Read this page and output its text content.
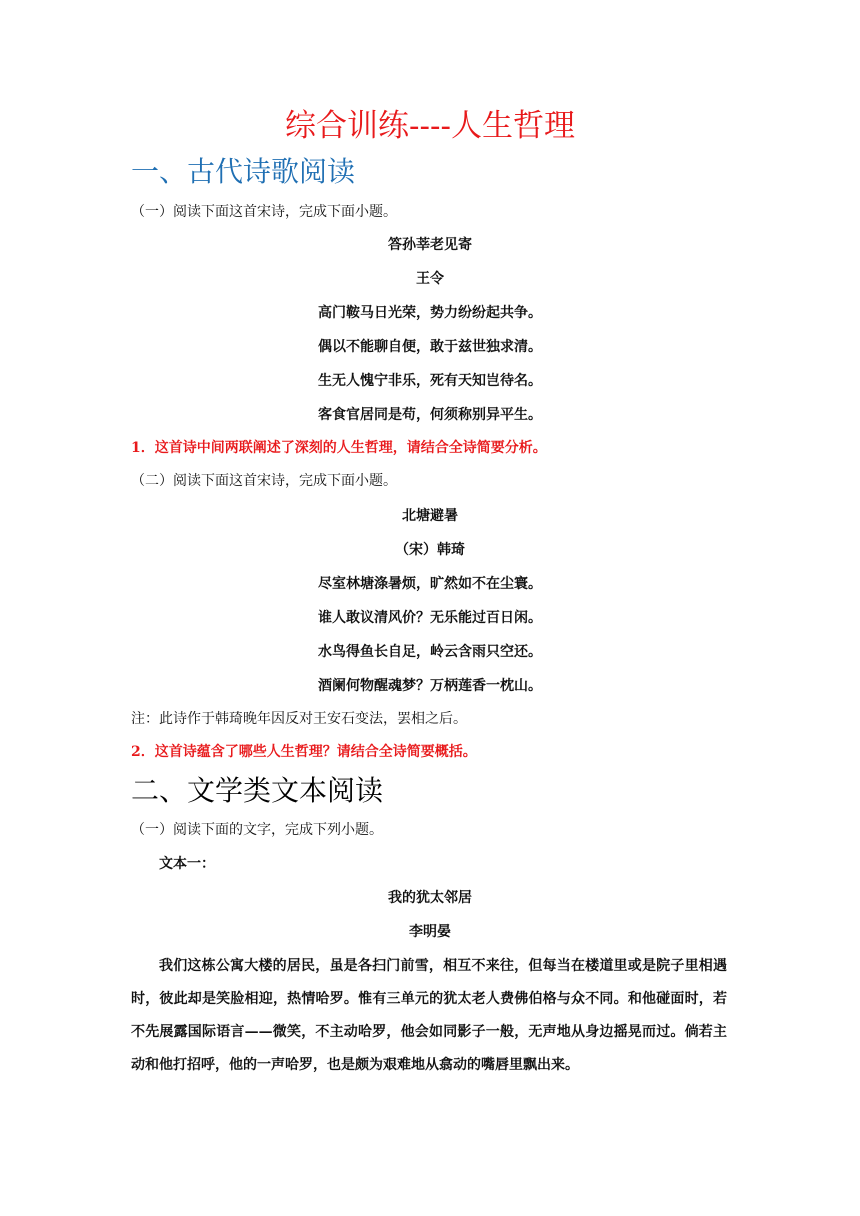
综合训练----人生哲理
一、古代诗歌阅读
（一）阅读下面这首宋诗，完成下面小题。
答孙莘老见寄
王令
高门鞍马日光荣，势力纷纷起共争。
偶以不能聊自便，敢于兹世独求清。
生无人愧宁非乐，死有天知岂待名。
客食官居同是苟，何须称别异平生。
1．这首诗中间两联阐述了深刻的人生哲理，请结合全诗简要分析。
（二）阅读下面这首宋诗，完成下面小题。
北塘避暑
（宋）韩琦
尽室林塘涤暑烦，旷然如不在尘寰。
谁人敢议清风价？无乐能过百日闲。
水鸟得鱼长自足，岭云含雨只空还。
酒阑何物醒魂梦？万柄莲香一枕山。
注：此诗作于韩琦晚年因反对王安石变法，罢相之后。
2．这首诗蕴含了哪些人生哲理？请结合全诗简要概括。
二、文学类文本阅读
（一）阅读下面的文字，完成下列小题。
文本一：
我的犹太邻居
李明晏
我们这栋公寓大楼的居民，虽是各扫门前雪，相互不来往，但每当在楼道里或是院子里相遇时，彼此却是笑脸相迎，热情哈罗。惟有三单元的犹太老人费佛伯格与众不同。和他碰面时，若不先展露国际语言——微笑，不主动哈罗，他会如同影子一般，无声地从身边摇晃而过。倘若主动和他打招呼，他的一声哈罗，也是颇为艰难地从翕动的嘴唇里飘出来。
